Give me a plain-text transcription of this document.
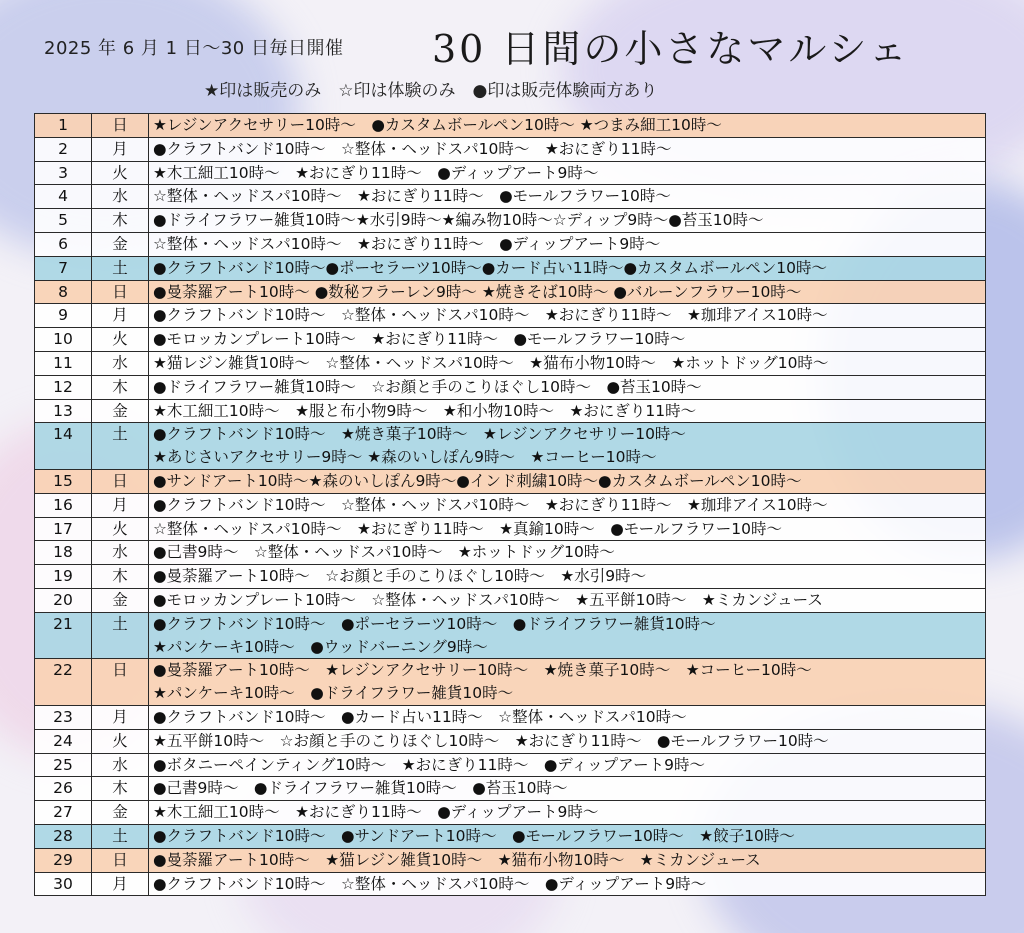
2025 年 6 月 1 日～30 日毎日開催 30 日間の小さなマルシェ
★印は販売のみ　☆印は体験のみ　●印は販売体験両方あり
1	日	★レジンアクセサリー10時～　●カスタムボールペン10時～ ★つまみ細工10時～

2	月	●クラフトバンド10時～　☆整体・ヘッドスパ10時～　★おにぎり11時～

3	火	★木工細工10時～　★おにぎり11時～　●ディップアート9時～

4	水	☆整体・ヘッドスパ10時～　★おにぎり11時～　●モールフラワー10時～

5	木	●ドライフラワー雑貨10時～★水引9時～★編み物10時～☆ディップ9時～●苔玉10時～

6	金	☆整体・ヘッドスパ10時～　★おにぎり11時～　●ディップアート9時～

7	土	●クラフトバンド10時～●ポーセラーツ10時～●カード占い11時～●カスタムボールペン10時～

8	日	●曼荼羅アート10時～ ●数秘フラーレン9時～ ★焼きそば10時～ ●バルーンフラワー10時～

9	月	●クラフトバンド10時～　☆整体・ヘッドスパ10時～　★おにぎり11時～　★珈琲アイス10時～

10	火	●モロッカンプレート10時～　★おにぎり11時～　●モールフラワー10時～

11	水	★猫レジン雑貨10時～　☆整体・ヘッドスパ10時～　★猫布小物10時～　★ホットドッグ10時～

12	木	●ドライフラワー雑貨10時～　☆お顔と手のこりほぐし10時～　●苔玉10時～

13	金	★木工細工10時～　★服と布小物9時～　★和小物10時～　★おにぎり11時～

14	土	●クラフトバンド10時～　★焼き菓子10時～　★レジンアクセサリー10時～
★あじさいアクセサリー9時～ ★森のいしぽん9時～　★コーヒー10時～

15	日	●サンドアート10時～★森のいしぽん9時～●インド刺繍10時～●カスタムボールペン10時～

16	月	●クラフトバンド10時～　☆整体・ヘッドスパ10時～　★おにぎり11時～　★珈琲アイス10時～

17	火	☆整体・ヘッドスパ10時～　★おにぎり11時～　★真鍮10時～　●モールフラワー10時～

18	水	●己書9時～　☆整体・ヘッドスパ10時～　★ホットドッグ10時～

19	木	●曼荼羅アート10時～　☆お顔と手のこりほぐし10時～　★水引9時～

20	金	●モロッカンプレート10時～　☆整体・ヘッドスパ10時～　★五平餅10時～　★ミカンジュース

21	土	●クラフトバンド10時～　●ポーセラーツ10時～　●ドライフラワー雑貨10時～
★パンケーキ10時～　●ウッドバーニング9時～

22	日	●曼荼羅アート10時～　★レジンアクセサリー10時～　★焼き菓子10時～　★コーヒー10時～
★パンケーキ10時～　●ドライフラワー雑貨10時～

23	月	●クラフトバンド10時～　●カード占い11時～　☆整体・ヘッドスパ10時～

24	火	★五平餅10時～　☆お顔と手のこりほぐし10時～　★おにぎり11時～　●モールフラワー10時～

25	水	●ボタニーペインティング10時～　★おにぎり11時～　●ディップアート9時～

26	木	●己書9時～　●ドライフラワー雑貨10時～　●苔玉10時～

27	金	★木工細工10時～　★おにぎり11時～　●ディップアート9時～

28	土	●クラフトバンド10時～　●サンドアート10時～　●モールフラワー10時～　★餃子10時～

29	日	●曼荼羅アート10時～　★猫レジン雑貨10時～　★猫布小物10時～　★ミカンジュース

30	月	●クラフトバンド10時～　☆整体・ヘッドスパ10時～　●ディップアート9時～
